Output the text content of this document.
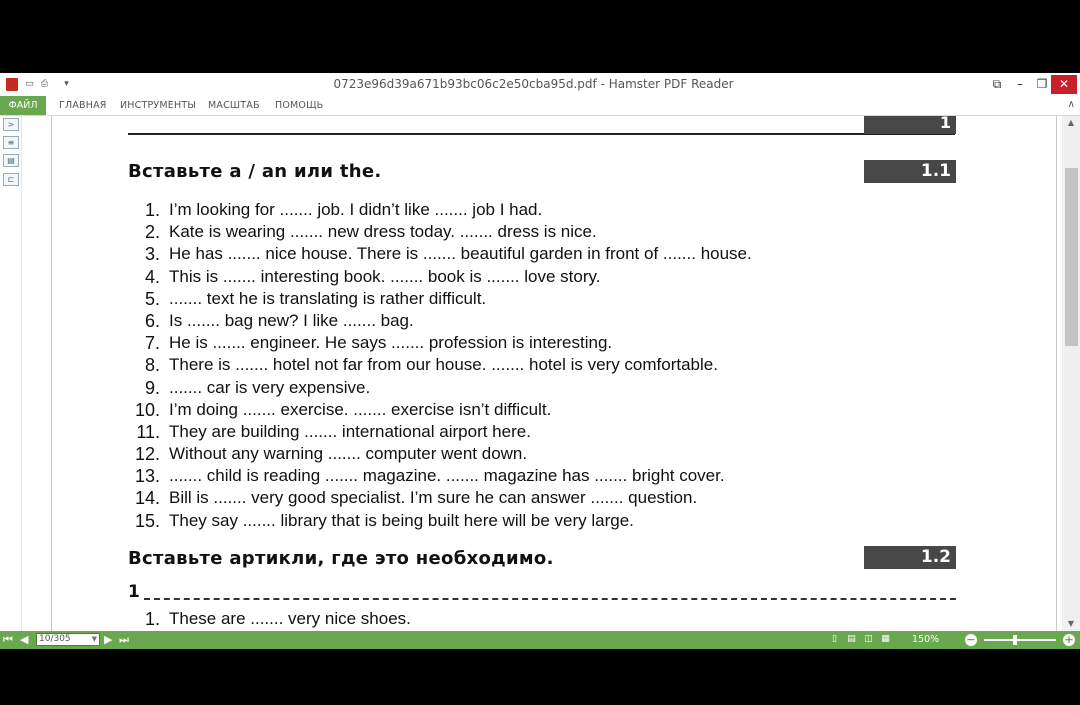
▭ ⎙	▾	0723e96d39a671b93bc06c2e50cba95d.pdf - Hamster PDF Reader	⧉	–	❐ ✕
ФАЙЛ	ГЛАВНАЯ ИНСТРУМЕНТЫ МАСШТАБ ПОМОЩЬ	∧
>
≡
▤
⊏
1
Вставьте a / an или the.	1.1
1. I’m looking for ....... job. I didn’t like ....... job I had.
2. Kate is wearing ....... new dress today. ....... dress is nice.
3. He has ....... nice house. There is ....... beautiful garden in front of ....... house.
4. This is ....... interesting book. ....... book is ....... love story.
5. ....... text he is translating is rather difficult.
6. Is ....... bag new? I like ....... bag.
7. He is ....... engineer. He says ....... profession is interesting.
8. There is ....... hotel not far from our house. ....... hotel is very comfortable.
9. ....... car is very expensive.
10. I’m doing ....... exercise. ....... exercise isn’t difficult.
11. They are building ....... international airport here.
12. Without any warning ....... computer went down.
13. ....... child is reading ....... magazine. ....... magazine has ....... bright cover.
14. Bill is ....... very good specialist. I’m sure he can answer ....... question.
15. They say ....... library that is being built here will be very large.
Вставьте артикли, где это необходимо.	1.2
1
1. These are ....... very nice shoes.
▲
▼
⏮ ◀	10/305	▼ ▶ ⏭	▯	▤ ◫ ▦ 150% −	+
